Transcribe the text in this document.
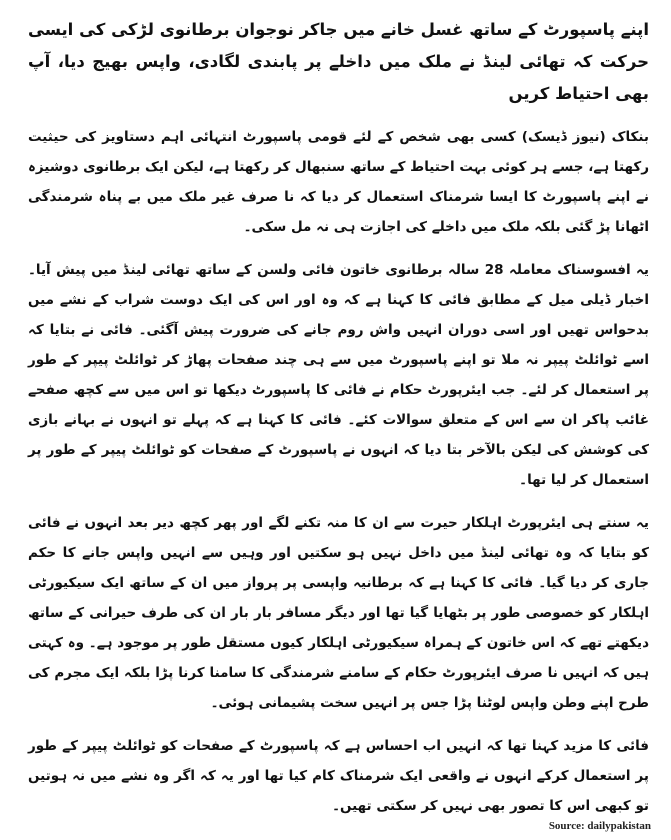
اپنے پاسپورٹ کے ساتھ غسل خانے میں جاکر نوجوان برطانوی لڑکی کی ایسی حرکت کہ تھائی لینڈ نے ملک میں داخلے پر پابندی لگادی، واپس بھیج دیا، آپ بھی احتیاط کریں

بنکاک (نیوز ڈیسک) کسی بھی شخص کے لئے قومی پاسپورٹ انتہائی اہم دستاویز کی حیثیت رکھتا ہے، جسے ہر کوئی بہت احتیاط کے ساتھ سنبھال کر رکھتا ہے، لیکن ایک برطانوی دوشیزہ نے اپنے پاسپورٹ کا ایسا شرمناک استعمال کر دیا کہ نا صرف غیر ملک میں بے پناہ شرمندگی اٹھانا پڑ گئی بلکہ ملک میں داخلے کی اجازت ہی نہ مل سکی۔

یہ افسوسناک معاملہ 28 سالہ برطانوی خاتون فائی ولسن کے ساتھ تھائی لینڈ میں پیش آیا۔ اخبار ڈیلی میل کے مطابق فائی کا کہنا ہے کہ وہ اور اس کی ایک دوست شراب کے نشے میں بدحواس تھیں اور اسی دوران انہیں واش روم جانے کی ضرورت پیش آگئی۔ فائی نے بتایا کہ اسے ٹوائلٹ پیپر نہ ملا تو اپنے پاسپورٹ میں سے ہی چند صفحات پھاڑ کر ٹوائلٹ پیپر کے طور پر استعمال کر لئے۔ جب ایئرپورٹ حکام نے فائی کا پاسپورٹ دیکھا تو اس میں سے کچھ صفحے غائب پاکر ان سے اس کے متعلق سوالات کئے۔ فائی کا کہنا ہے کہ پہلے تو انہوں نے بہانے بازی کی کوشش کی لیکن بالآخر بتا دیا کہ انہوں نے پاسپورٹ کے صفحات کو ٹوائلٹ پیپر کے طور پر استعمال کر لیا تھا۔

یہ سنتے ہی ایئرپورٹ اہلکار حیرت سے ان کا منہ تکنے لگے اور پھر کچھ دیر بعد انہوں نے فائی کو بتایا کہ وہ تھائی لینڈ میں داخل نہیں ہو سکتیں اور وہیں سے انہیں واپس جانے کا حکم جاری کر دیا گیا۔ فائی کا کہنا ہے کہ برطانیہ واپسی پر پرواز میں ان کے ساتھ ایک سیکیورٹی اہلکار کو خصوصی طور پر بٹھایا گیا تھا اور دیگر مسافر بار بار ان کی طرف حیرانی کے ساتھ دیکھتے تھے کہ اس خاتون کے ہمراہ سیکیورٹی اہلکار کیوں مستقل طور پر موجود ہے۔ وہ کہتی ہیں کہ انہیں نا صرف ایئرپورٹ حکام کے سامنے شرمندگی کا سامنا کرنا پڑا بلکہ ایک مجرم کی طرح اپنے وطن واپس لوٹنا پڑا جس پر انہیں سخت پشیمانی ہوئی۔

فائی کا مزید کہنا تھا کہ انہیں اب احساس ہے کہ پاسپورٹ کے صفحات کو ٹوائلٹ پیپر کے طور پر استعمال کرکے انہوں نے واقعی ایک شرمناک کام کیا تھا اور یہ کہ اگر وہ نشے میں نہ ہوتیں تو کبھی اس کا تصور بھی نہیں کر سکتی تھیں۔

Source: dailypakistan
